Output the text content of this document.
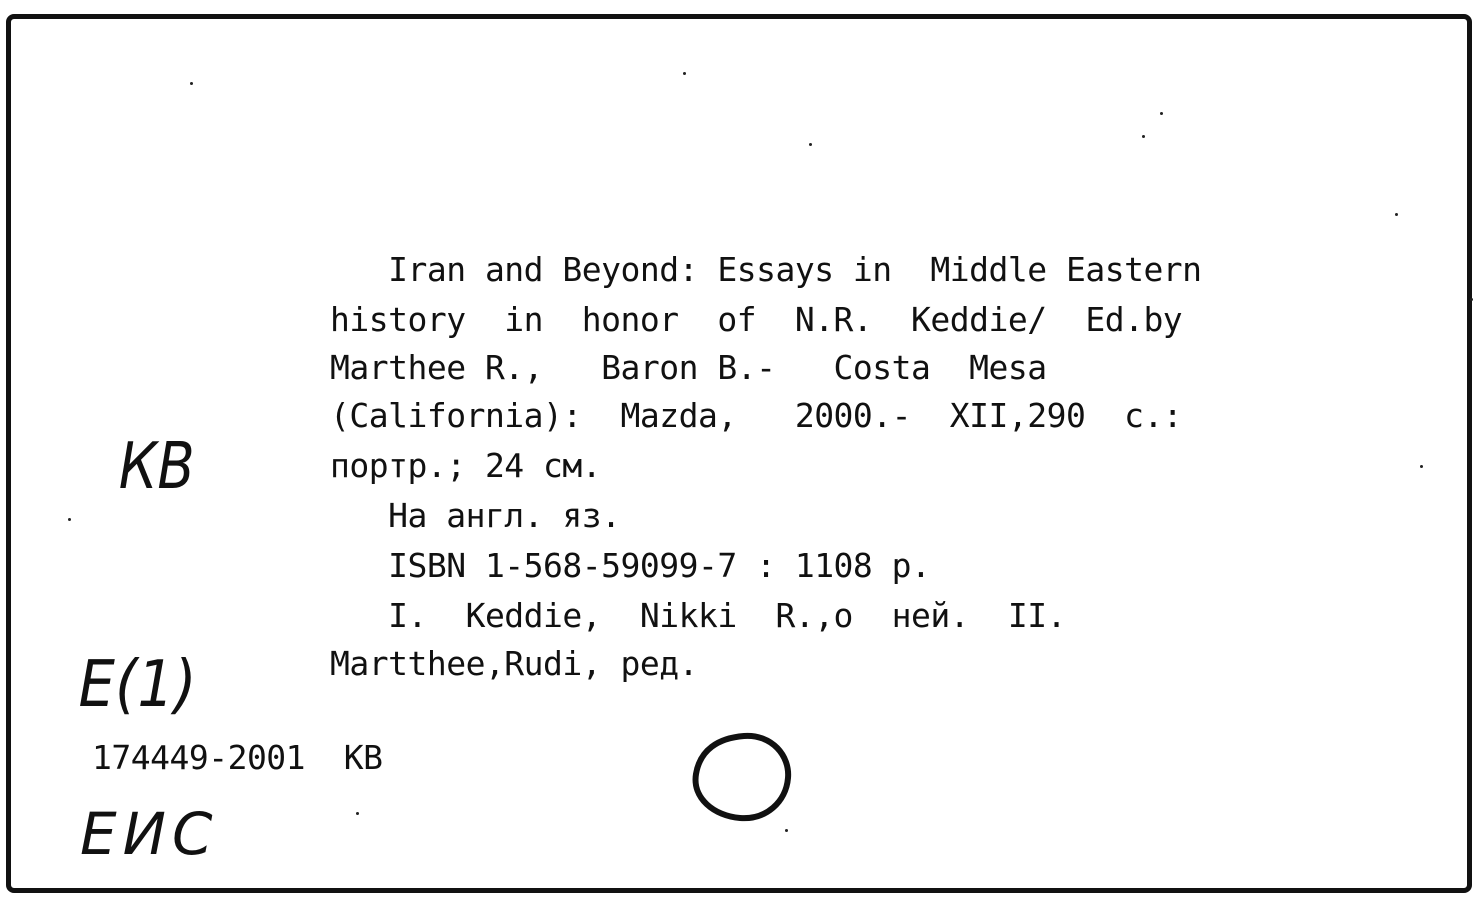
Iran and Beyond: Essays in  Middle Eastern
history  in  honor  of  N.R.  Keddie/  Ed.by
Marthee R.,   Baron B.-   Costa  Mesa
(California):  Mazda,   2000.-  XII,290  c.:
портр.; 24 см.
На англ. яз.
ISBN 1-568-59099-7 : 1108 р.
I.  Keddie,  Nikki  R.,о  ней.  II.
Martthee,Rudi, ред.
174449-2001  КВ
КВ
E(1)
ЕИС
